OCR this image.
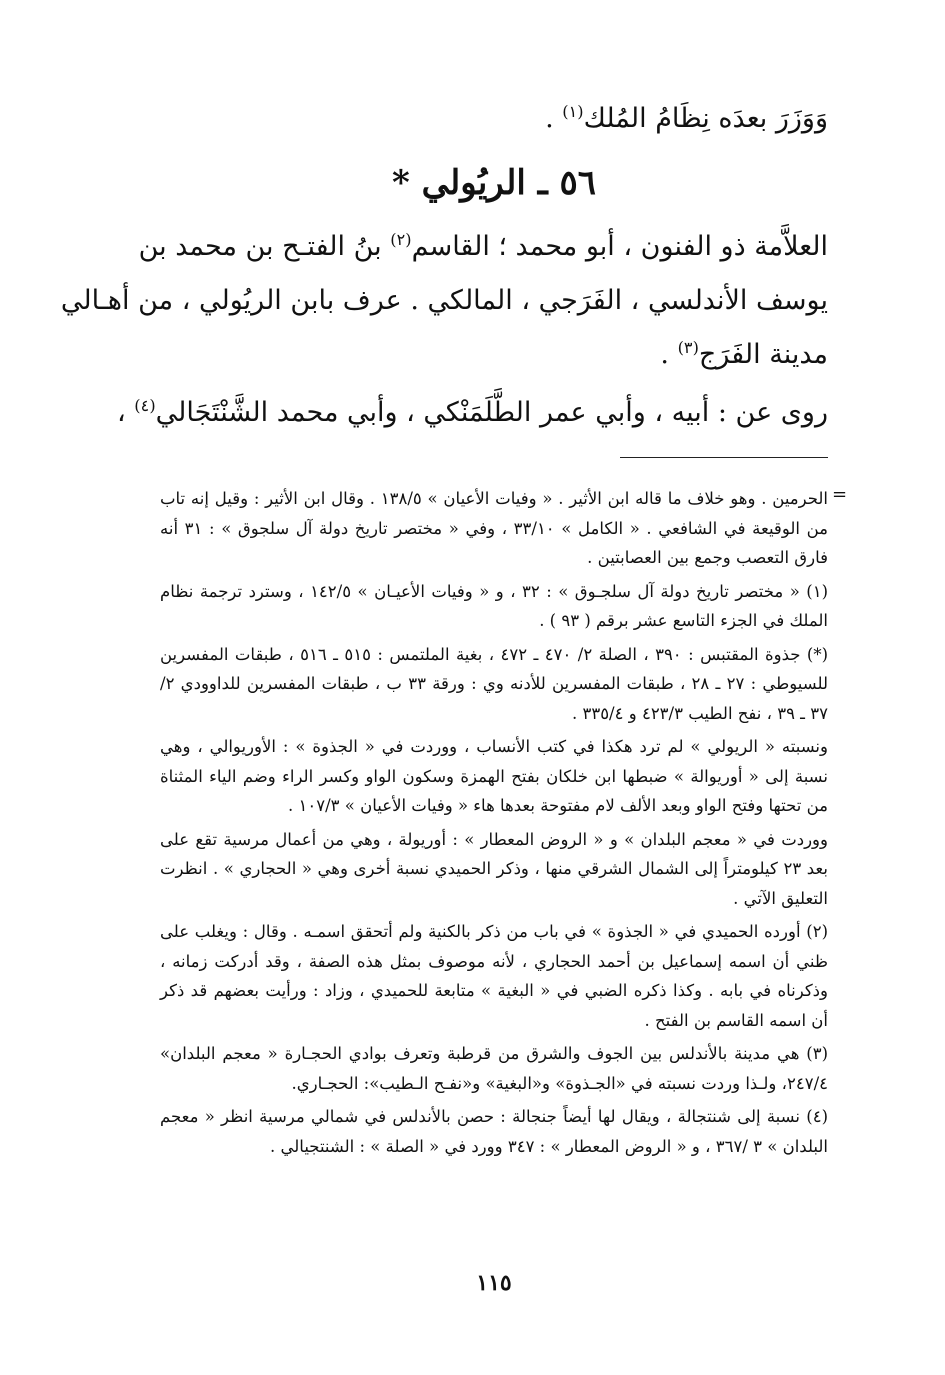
وَوَزَرَ بعدَه نِظَامُ المُلك$^{(١)}$ .
٥٦ ـ الريُولي *
العلاَّمة ذو الفنون ، أبو محمد ؛ القاسم$^{(٢)}$ بنُ الفتـح بن محمد بن
يوسف الأندلسي ، الفَرَجي ، المالكي . عرف بابن الريُولي ، من أهـالي
مدينة الفَرَج$^{(٣)}$ .
روى عن : أبيه ، وأبي عمر الطَّلَمَنْكي ، وأبي محمد الشَّنْتَجَالي$^{(٤)}$ ،
=

الحرمين . وهو خلاف ما قاله ابن الأثير . « وفيات الأعيان » ١٣٨/٥ . وقال ابن الأثير : وقيل إنه تاب من الوقيعة في الشافعي . « الكامل » ٣٣/١٠ ، وفي « مختصر تاريخ دولة آل سلجوق » : ٣١ أنه فارق التعصب وجمع بين العصابتين .

(١) « مختصر تاريخ دولة آل سلجـوق » : ٣٢ ، و « وفيات الأعيـان » ١٤٢/٥ ، وسترد ترجمة نظام الملك في الجزء التاسع عشر برقم ( ٩٣ ) .

(*) جذوة المقتبس : ٣٩٠ ، الصلة ٢/ ٤٧٠ ـ ٤٧٢ ، بغية الملتمس : ٥١٥ ـ ٥١٦ ، طبقات المفسرين للسيوطي : ٢٧ ـ ٢٨ ، طبقات المفسرين للأدنه وي : ورقة ٣٣ ب ، طبقات المفسرين للداوودي ٢/ ٣٧ ـ ٣٩ ، نفح الطيب ٤٢٣/٣ و ٣٣٥/٤ .

ونسبته « الريولي » لم ترد هكذا في كتب الأنساب ، ووردت في « الجذوة » : الأوريوالي ، وهي نسبة إلى « أوريوالة » ضبطها ابن خلكان بفتح الهمزة وسكون الواو وكسر الراء وضم الياء المثناة من تحتها وفتح الواو وبعد الألف لام مفتوحة بعدها هاء « وفيات الأعيان » ١٠٧/٣ .

ووردت في « معجم البلدان » و « الروض المعطار » : أوريولة ، وهي من أعمال مرسية تقع على بعد ٢٣ كيلومتراً إلى الشمال الشرقي منها ، وذكر الحميدي نسبة أخرى وهي « الحجاري » . انظرت التعليق الآتي .

(٢) أورده الحميدي في « الجذوة » في باب من ذكر بالكنية ولم أتحقق اسمـه . وقال : ويغلب على ظني أن اسمه إسماعيل بن أحمد الحجاري ، لأنه موصوف بمثل هذه الصفة ، وقد أدركت زمانه ، وذكرناه في بابه . وكذا ذكره الضبي في « البغية » متابعة للحميدي ، وزاد : ورأيت بعضهم قد ذكر أن اسمه القاسم بن الفتح .

(٣) هي مدينة بالأندلس بين الجوف والشرق من قرطبة وتعرف بوادي الحجـارة « معجم البلدان» ٢٤٧/٤، ولـذا وردت نسبته في «الجـذوة» و«البغية» و«نفـح الـطيب»: الحجـاري.

(٤) نسبة إلى شنتجالة ، ويقال لها أيضاً جنجالة : حصن بالأندلس في شمالي مرسية انظر « معجم البلدان » ٣ /٣٦٧ ، و « الروض المعطار » : ٣٤٧ وورد في « الصلة » : الشنتجيالي .

١١٥
